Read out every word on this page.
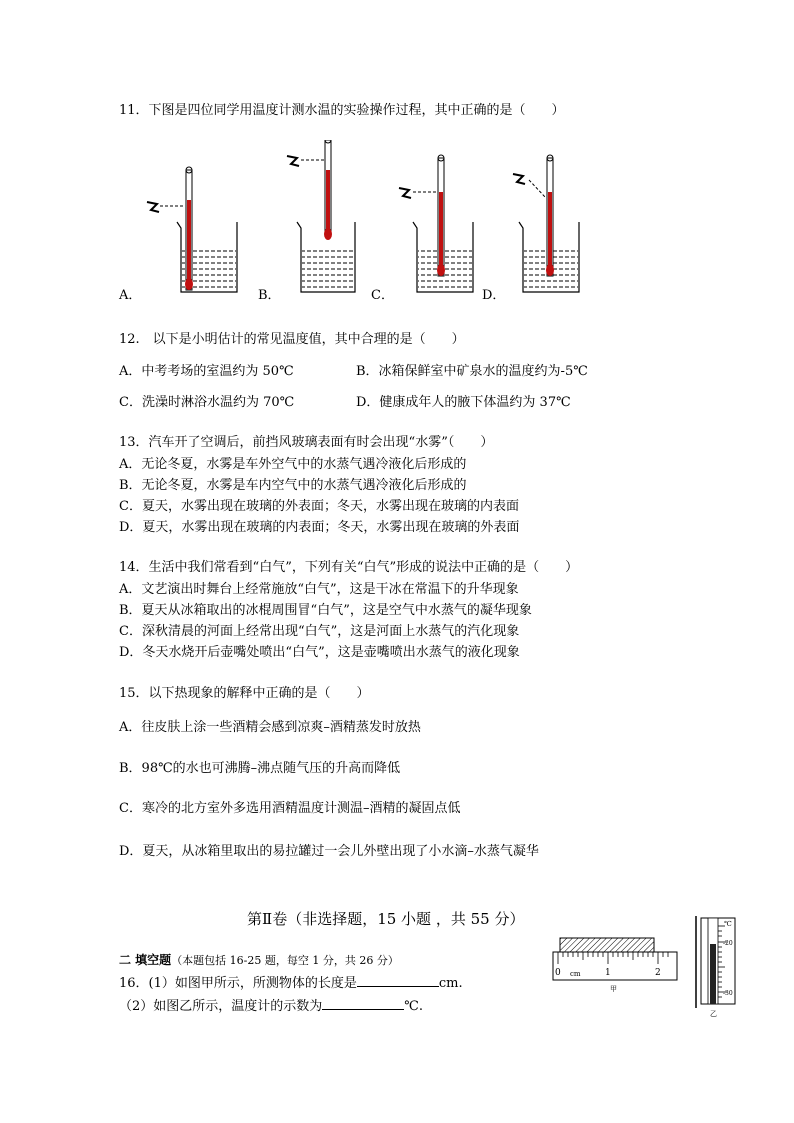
11．下图是四位同学用温度计测水温的实验操作过程，其中正确的是（　　）
A．	B．	C．	D．
12.　以下是小明估计的常见温度值，其中合理的是（　　）
A．中考考场的室温约为 50℃	B．冰箱保鲜室中矿泉水的温度约为-5℃
C．洗澡时淋浴水温约为 70℃	D．健康成年人的腋下体温约为 37℃
13．汽车开了空调后，前挡风玻璃表面有时会出现“水雾”（　　）
A．无论冬夏，水雾是车外空气中的水蒸气遇冷液化后形成的
B．无论冬夏，水雾是车内空气中的水蒸气遇冷液化后形成的
C．夏天，水雾出现在玻璃的外表面；冬天，水雾出现在玻璃的内表面
D．夏天，水雾出现在玻璃的内表面；冬天，水雾出现在玻璃的外表面
14．生活中我们常看到“白气”，下列有关“白气”形成的说法中正确的是（　　）
A．文艺演出时舞台上经常施放“白气”，这是干冰在常温下的升华现象
B．夏天从冰箱取出的冰棍周围冒“白气”，这是空气中水蒸气的凝华现象
C．深秋清晨的河面上经常出现“白气”，这是河面上水蒸气的汽化现象
D．冬天水烧开后壶嘴处喷出“白气”，这是壶嘴喷出水蒸气的液化现象
15．以下热现象的解释中正确的是（　　）
A．往皮肤上涂一些酒精会感到凉爽–酒精蒸发时放热
B．98℃的水也可沸腾–沸点随气压的升高而降低
C．寒冷的北方室外多选用酒精温度计测温–酒精的凝固点低
D．夏天，从冰箱里取出的易拉罐过一会儿外壁出现了小水滴–水蒸气凝华
第Ⅱ卷（非选择题，15 小题 ，共 55 分）
二 填空题（本题包括 16-25 题，每空 1 分，共 26 分）
16．(1）如图甲所示，所测物体的长度是	cm.
（2）如图乙所示，温度计的示数为	℃.
0 cm	1	2
甲
℃
-20
-30
乙
